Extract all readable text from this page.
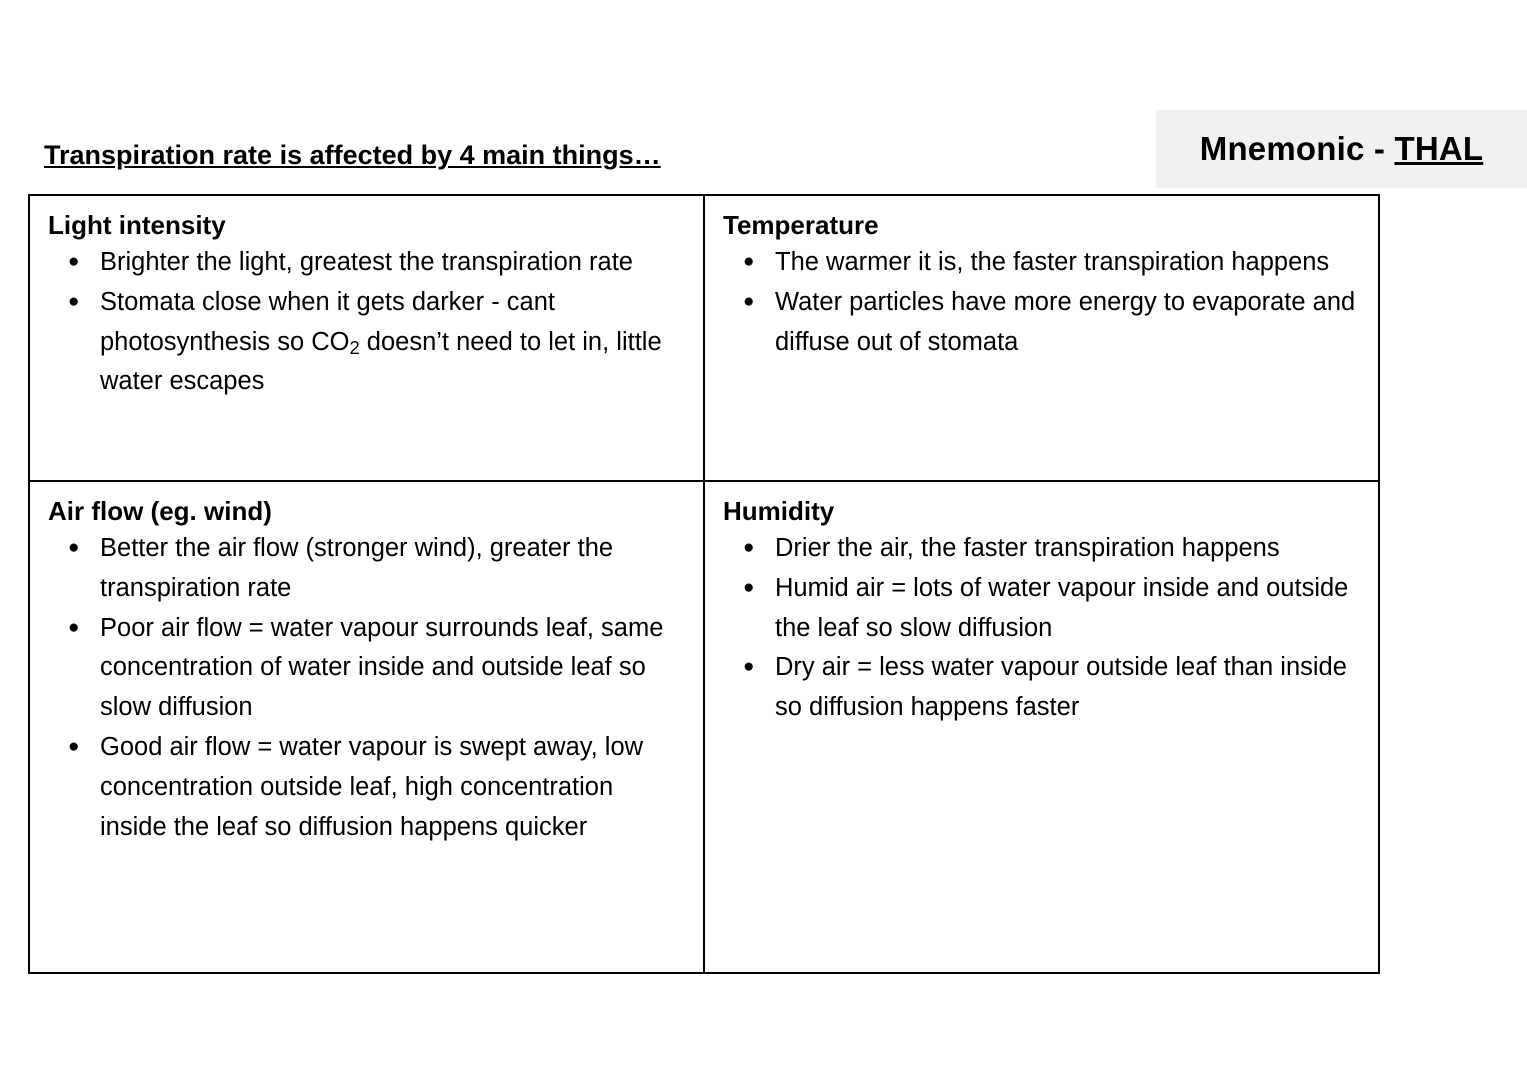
Mnemonic - THAL
Transpiration rate is affected by 4 main things…
Light intensity
● Brighter the light, greatest the transpiration rate
● Stomata close when it gets darker - cant photosynthesis so $CO_2$ doesn’t need to let in, little water escapes

Temperature
● The warmer it is, the faster transpiration happens
● Water particles have more energy to evaporate and diffuse out of stomata

Air flow (eg. wind)
● Better the air flow (stronger wind), greater the transpiration rate
● Poor air flow = water vapour surrounds leaf, same concentration of water inside and outside leaf so slow diffusion
● Good air flow = water vapour is swept away, low concentration outside leaf, high concentration inside the leaf so diffusion happens quicker

Humidity
● Drier the air, the faster transpiration happens
● Humid air = lots of water vapour inside and outside the leaf so slow diffusion
● Dry air = less water vapour outside leaf than inside so diffusion happens faster
